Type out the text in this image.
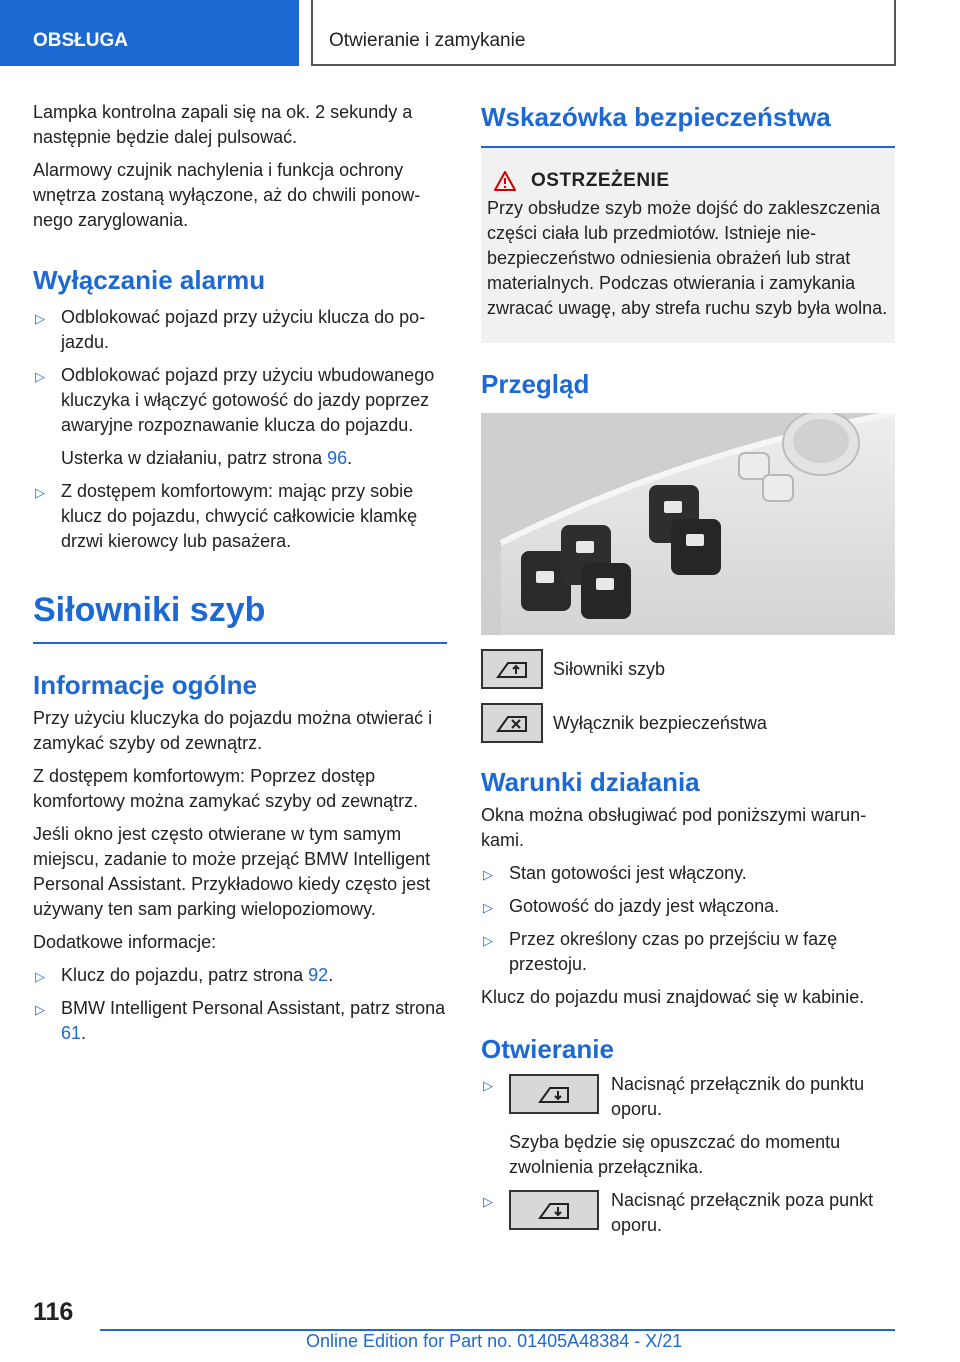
OBSŁUGA	Otwieranie i zamykanie

Lampka kontrolna zapali się na ok. 2 sekundy a następnie będzie dalej pulsować.

Alarmowy czujnik nachylenia i funkcja ochrony wnętrza zostaną wyłączone, aż do chwili ponownego zaryglowania.

Wyłączanie alarmu
▷ Odblokować pojazd przy użyciu klucza do pojazdu.
▷ Odblokować pojazd przy użyciu wbudowanego kluczyka i włączyć gotowość do jazdy poprzez awaryjne rozpoznawanie klucza do pojazdu.
Usterka w działaniu, patrz strona 96.
▷ Z dostępem komfortowym: mając przy sobie klucz do pojazdu, chwycić całkowicie klamkę drzwi kierowcy lub pasażera.
Siłowniki szyb
Informacje ogólne

Przy użyciu kluczyka do pojazdu można otwierać i zamykać szyby od zewnątrz.

Z dostępem komfortowym: Poprzez dostęp komfortowy można zamykać szyby od zewnątrz.

Jeśli okno jest często otwierane w tym samym miejscu, zadanie to może przejąć BMW Intelligent Personal Assistant. Przykładowo kiedy często jest używany ten sam parking wielopoziomowy.

Dodatkowe informacje:

▷ Klucz do pojazdu, patrz strona 92.
▷ BMW Intelligent Personal Assistant, patrz strona 61.
Wskazówka bezpieczeństwa
OSTRZEŻENIE

Przy obsłudze szyb może dojść do zakleszczenia części ciała lub przedmiotów. Istnieje niebezpieczeństwo odniesienia obrażeń lub strat materialnych. Podczas otwierania i zamykania zwracać uwagę, aby strefa ruchu szyb była wolna.

Przegląd
Siłowniki szyb
Wyłącznik bezpieczeństwa
Warunki działania

Okna można obsługiwać pod poniższymi warunkami.

▷ Stan gotowości jest włączony.
▷ Gotowość do jazdy jest włączona.
▷ Przez określony czas po przejściu w fazę przestoju.

Klucz do pojazdu musi znajdować się w kabinie.

Otwieranie
▷	Nacisnąć przełącznik do punktu oporu.
Szyba będzie się opuszczać do momentu zwolnienia przełącznika.
▷	Nacisnąć przełącznik poza punkt oporu.
116
Online Edition for Part no. 01405A48384 - X/21
